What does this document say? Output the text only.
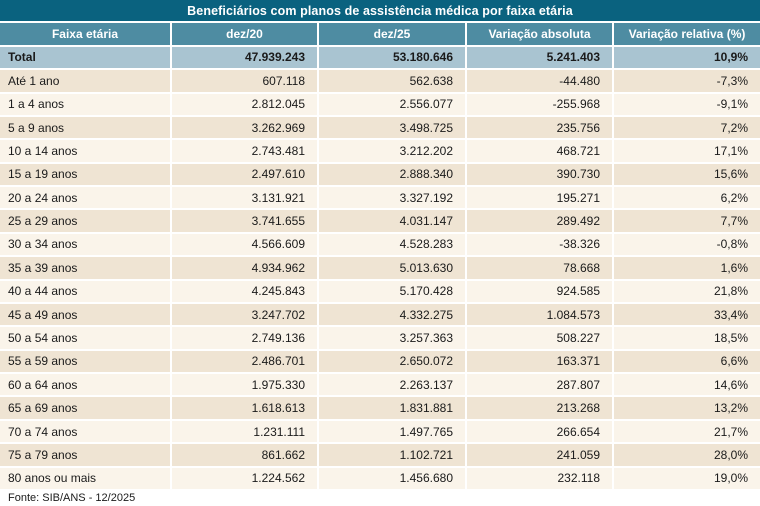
Beneficiários com planos de assistência médica por faixa etária
Faixa etária	dez/20	dez/25	Variação absoluta	Variação relativa (%)
Total	47.939.243	53.180.646	5.241.403	10,9%
Até 1 ano	607.118	562.638	-44.480	-7,3%
1 a 4 anos	2.812.045	2.556.077	-255.968	-9,1%
5 a 9 anos	3.262.969	3.498.725	235.756	7,2%
10 a 14 anos	2.743.481	3.212.202	468.721	17,1%
15 a 19 anos	2.497.610	2.888.340	390.730	15,6%
20 a 24 anos	3.131.921	3.327.192	195.271	6,2%
25 a 29 anos	3.741.655	4.031.147	289.492	7,7%
30 a 34 anos	4.566.609	4.528.283	-38.326	-0,8%
35 a 39 anos	4.934.962	5.013.630	78.668	1,6%
40 a 44 anos	4.245.843	5.170.428	924.585	21,8%
45 a 49 anos	3.247.702	4.332.275	1.084.573	33,4%
50 a 54 anos	2.749.136	3.257.363	508.227	18,5%
55 a 59 anos	2.486.701	2.650.072	163.371	6,6%
60 a 64 anos	1.975.330	2.263.137	287.807	14,6%
65 a 69 anos	1.618.613	1.831.881	213.268	13,2%
70 a 74 anos	1.231.111	1.497.765	266.654	21,7%
75 a 79 anos	861.662	1.102.721	241.059	28,0%
80 anos ou mais	1.224.562	1.456.680	232.118	19,0%
Fonte: SIB/ANS - 12/2025
